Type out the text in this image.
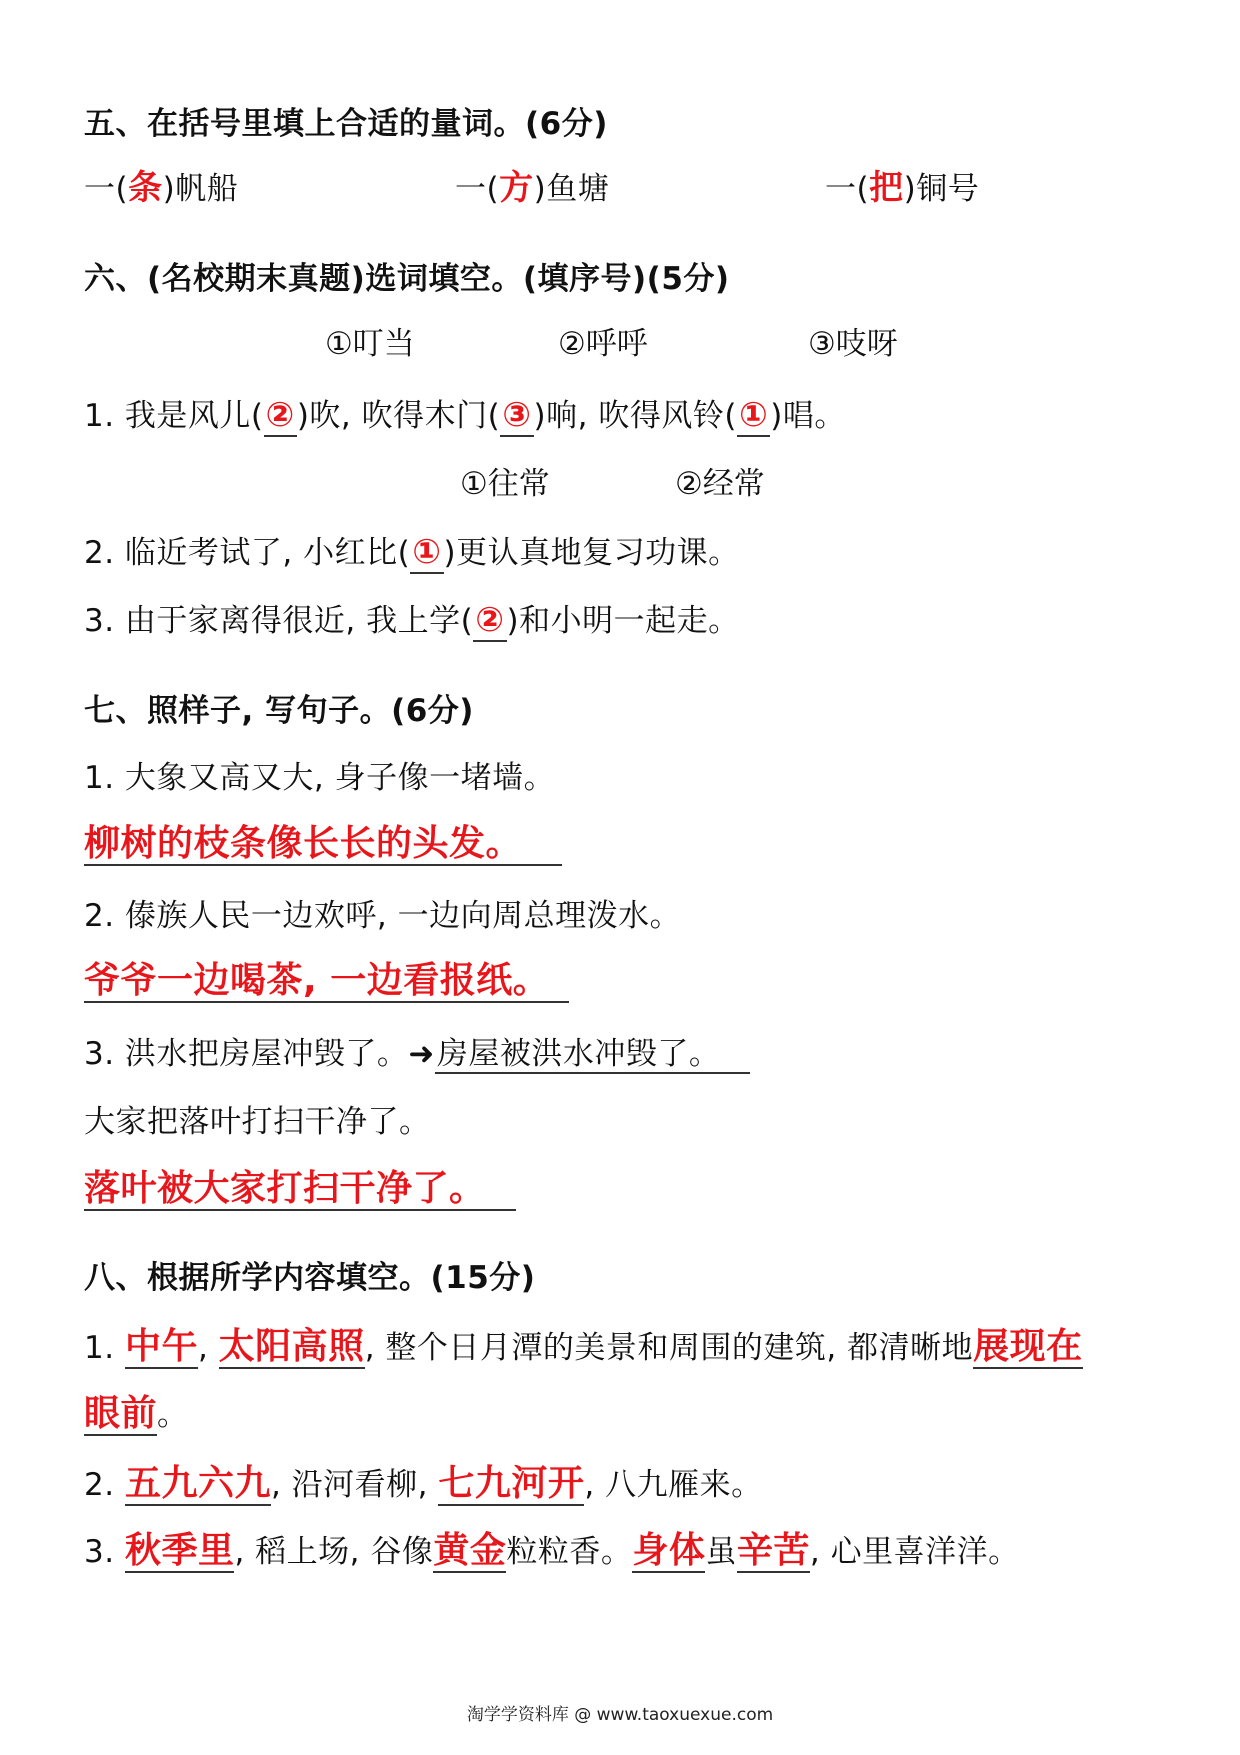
五、在括号里填上合适的量词。(6分)
一(条)帆船	一(方)鱼塘	一(把)铜号
六、(名校期末真题)选词填空。(填序号)(5分)
①叮当	②呼呼	③吱呀
1. 我是风儿(②)吹, 吹得木门(③)响, 吹得风铃(①)唱。
①往常	②经常
2. 临近考试了, 小红比(①)更认真地复习功课。
3. 由于家离得很近, 我上学(②)和小明一起走。
七、照样子, 写句子。(6分)
1. 大象又高又大, 身子像一堵墙。
柳树的枝条像长长的头发。
2. 傣族人民一边欢呼, 一边向周总理泼水。
爷爷一边喝茶, 一边看报纸。
3. 洪水把房屋冲毁了。➜房屋被洪水冲毁了。
大家把落叶打扫干净了。
落叶被大家打扫干净了。
八、根据所学内容填空。(15分)
1. 中午, 太阳高照, 整个日月潭的美景和周围的建筑, 都清晰地展现在
眼前。
2. 五九六九, 沿河看柳, 七九河开, 八九雁来。
3. 秋季里, 稻上场, 谷像黄金粒粒香。身体虽辛苦, 心里喜洋洋。
淘学学资料库 @ www.taoxuexue.com
